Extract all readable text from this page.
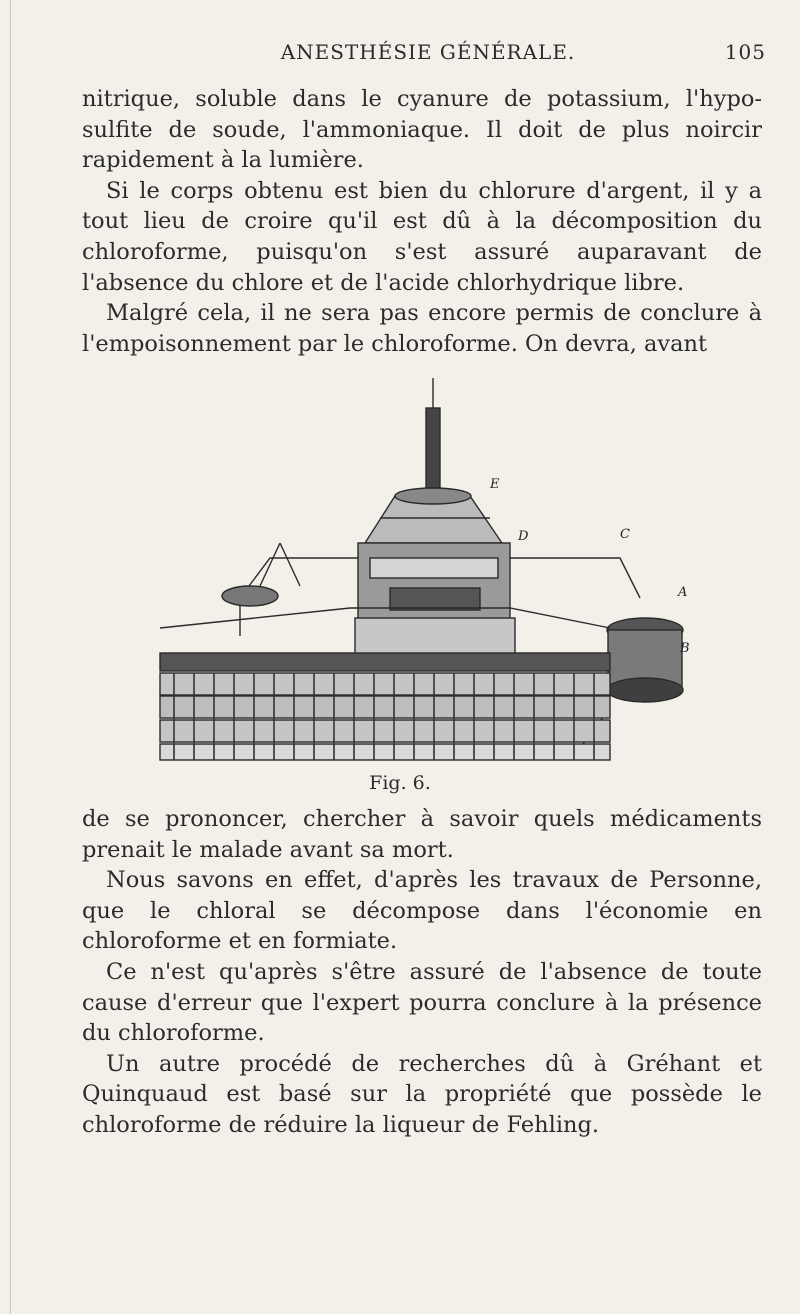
ANESTHÉSIE GÉNÉRALE.	105

nitrique, soluble dans le cyanure de potassium, l'hypo-sulfite de soude, l'ammoniaque. Il doit de plus noircir rapidement à la lumière.

Si le corps obtenu est bien du chlorure d'argent, il y a tout lieu de croire qu'il est dû à la décomposition du chloroforme, puisqu'on s'est assuré auparavant de l'absence du chlore et de l'acide chlorhydrique libre.

Malgré cela, il ne sera pas encore permis de conclure à l'empoisonnement par le chloroforme. On devra, avant

E
D	C
A
B
Fig. 6.

de se prononcer, chercher à savoir quels médicaments prenait le malade avant sa mort.

Nous savons en effet, d'après les travaux de Personne, que le chloral se décompose dans l'économie en chloroforme et en formiate.

Ce n'est qu'après s'être assuré de l'absence de toute cause d'erreur que l'expert pourra conclure à la présence du chloroforme.

Un autre procédé de recherches dû à Gréhant et Quinquaud est basé sur la propriété que possède le chloroforme de réduire la liqueur de Fehling.
